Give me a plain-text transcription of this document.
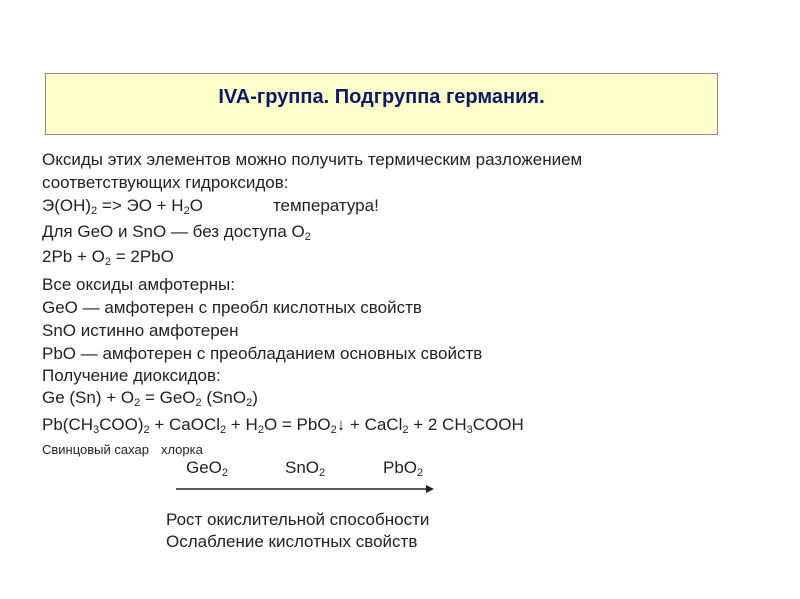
IVA-группа. Подгруппа германия.
Оксиды этих элементов можно получить термическим разложением
соответствующих гидроксидов:
$Э(OH)_2$ => ЭО + $H_2O$	температура!
Для GeO и SnO — без доступа $O_2$
$2Pb + O_2 = 2PbO$
Все оксиды амфотерны:
GeO — амфотерен с преобл кислотных свойств
SnO истинно амфотерен
PbO — амфотерен с преобладанием основных свойств
Получение диоксидов:
Ge $(Sn) + O_2 = GeO_2$ (SnO$_2$)
$Pb(CH_3COO)_2$ + CaOCl$_2$ + $H_2O$ = PbO$_2$↓ + CaCl$_2$ + 2 $CH_3COOH$
Свинцовый сахар хлорка
GeO$_2$	SnO$_2$	PbO$_2$
Рост окислительной способности
Ослабление кислотных свойств
